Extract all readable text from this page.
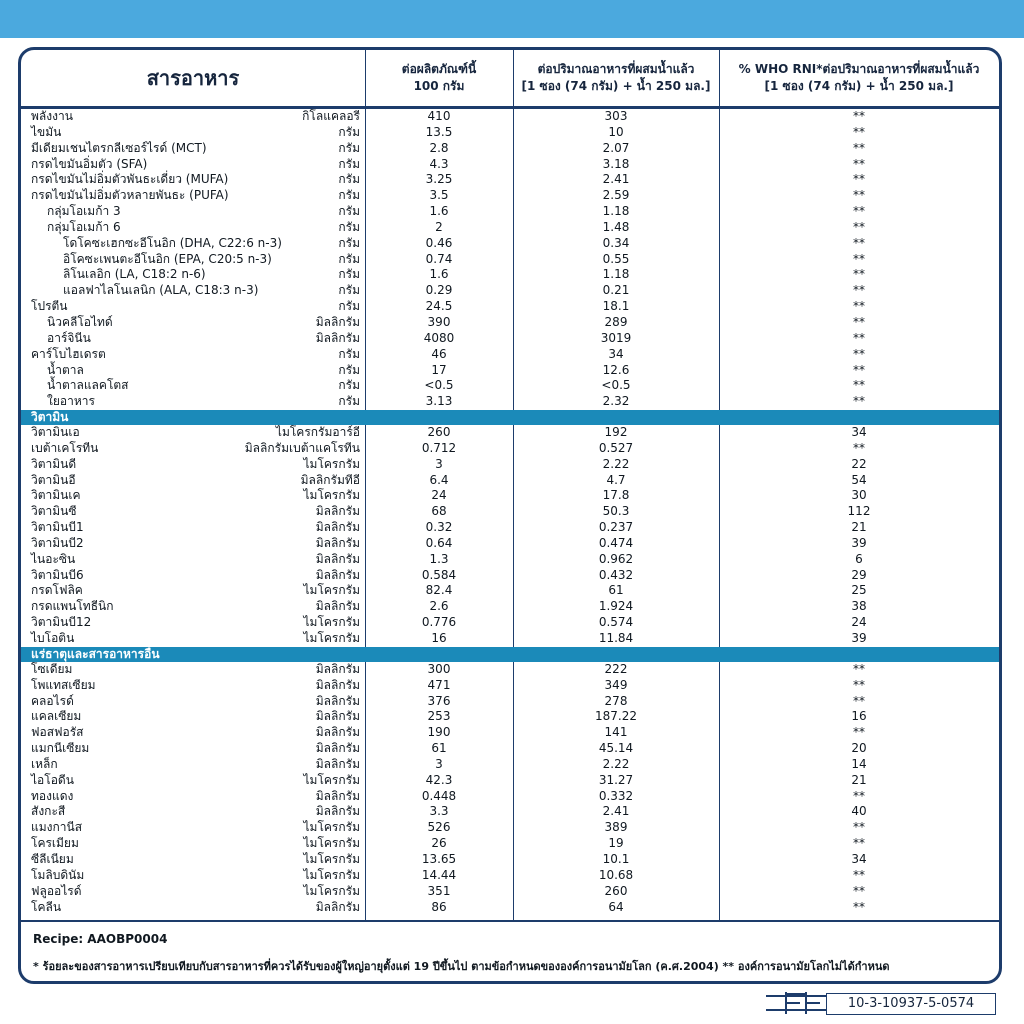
สารอาหาร	ต่อผลิตภัณฑ์นี้
100 กรัม
ต่อปริมาณอาหารที่ผสมน้ำแล้ว
[1 ซอง (74 กรัม) + น้ำ 250 มล.]
% WHO RNI*ต่อปริมาณอาหารที่ผสมน้ำแล้ว
[1 ซอง (74 กรัม) + น้ำ 250 มล.]
พลังงาน	กิโลแคลอรี	410	303	**
ไขมัน	กรัม	13.5	10	**
มีเดียมเชนไตรกลีเซอร์ไรด์ (MCT)	กรัม	2.8	2.07	**
กรดไขมันอิ่มตัว (SFA)	กรัม	4.3	3.18	**
กรดไขมันไม่อิ่มตัวพันธะเดี่ยว (MUFA)	กรัม	3.25	2.41	**
กรดไขมันไม่อิ่มตัวหลายพันธะ (PUFA)	กรัม	3.5	2.59	**
กลุ่มโอเมก้า 3	กรัม	1.6	1.18	**
กลุ่มโอเมก้า 6	กรัม	2	1.48	**
โดโคซะเฮกซะอีโนอิก (DHA, C22:6 n-3)	กรัม	0.46	0.34	**
อิโคซะเพนตะอีโนอิก (EPA, C20:5 n-3)	กรัม	0.74	0.55	**
ลิโนเลอิก (LA, C18:2 n-6)	กรัม	1.6	1.18	**
แอลฟาไลโนเลนิก (ALA, C18:3 n-3)	กรัม	0.29	0.21	**
โปรตีน	กรัม	24.5	18.1	**
นิวคลีโอไทด์	มิลลิกรัม	390	289	**
อาร์จินีน	มิลลิกรัม	4080	3019	**
คาร์โบไฮเดรต	กรัม	46	34	**
น้ำตาล	กรัม	17	12.6	**
น้ำตาลแลคโตส	กรัม	<0.5	<0.5	**
ใยอาหาร	กรัม	3.13	2.32	**
วิตามิน
วิตามินเอ	ไมโครกรัมอาร์อี	260	192	34
เบต้าเคโรทีน	มิลลิกรัมเบต้าแคโรทีน	0.712	0.527	**
วิตามินดี	ไมโครกรัม	3	2.22	22
วิตามินอี	มิลลิกรัมทีอี	6.4	4.7	54
วิตามินเค	ไมโครกรัม	24	17.8	30
วิตามินซี	มิลลิกรัม	68	50.3	112
วิตามินบี1	มิลลิกรัม	0.32	0.237	21
วิตามินบี2	มิลลิกรัม	0.64	0.474	39
ไนอะซิน	มิลลิกรัม	1.3	0.962	6
วิตามินบี6	มิลลิกรัม	0.584	0.432	29
กรดโฟลิค	ไมโครกรัม	82.4	61	25
กรดแพนโทธีนิก	มิลลิกรัม	2.6	1.924	38
วิตามินบี12	ไมโครกรัม	0.776	0.574	24
ไบโอติน	ไมโครกรัม	16	11.84	39
แร่ธาตุและสารอาหารอื่น
โซเดียม	มิลลิกรัม	300	222	**
โพแทสเซียม	มิลลิกรัม	471	349	**
คลอไรด์	มิลลิกรัม	376	278	**
แคลเซียม	มิลลิกรัม	253	187.22	16
ฟอสฟอรัส	มิลลิกรัม	190	141	**
แมกนีเซียม	มิลลิกรัม	61	45.14	20
เหล็ก	มิลลิกรัม	3	2.22	14
ไอโอดีน	ไมโครกรัม	42.3	31.27	21
ทองแดง	มิลลิกรัม	0.448	0.332	**
สังกะสี	มิลลิกรัม	3.3	2.41	40
แมงกานีส	ไมโครกรัม	526	389	**
โครเมียม	ไมโครกรัม	26	19	**
ซีลีเนียม	ไมโครกรัม	13.65	10.1	34
โมลิบดินัม	ไมโครกรัม	14.44	10.68	**
ฟลูออไรด์	ไมโครกรัม	351	260	**
โคลีน	มิลลิกรัม	86	64	**
Recipe: AAOBP0004
* ร้อยละของสารอาหารเปรียบเทียบกับสารอาหารที่ควรได้รับของผู้ใหญ่อายุตั้งแต่ 19 ปีขึ้นไป ตามข้อกำหนดขององค์การอนามัยโลก (ค.ศ.2004) ** องค์การอนามัยโลกไม่ได้กำหนด
10-3-10937-5-0574
